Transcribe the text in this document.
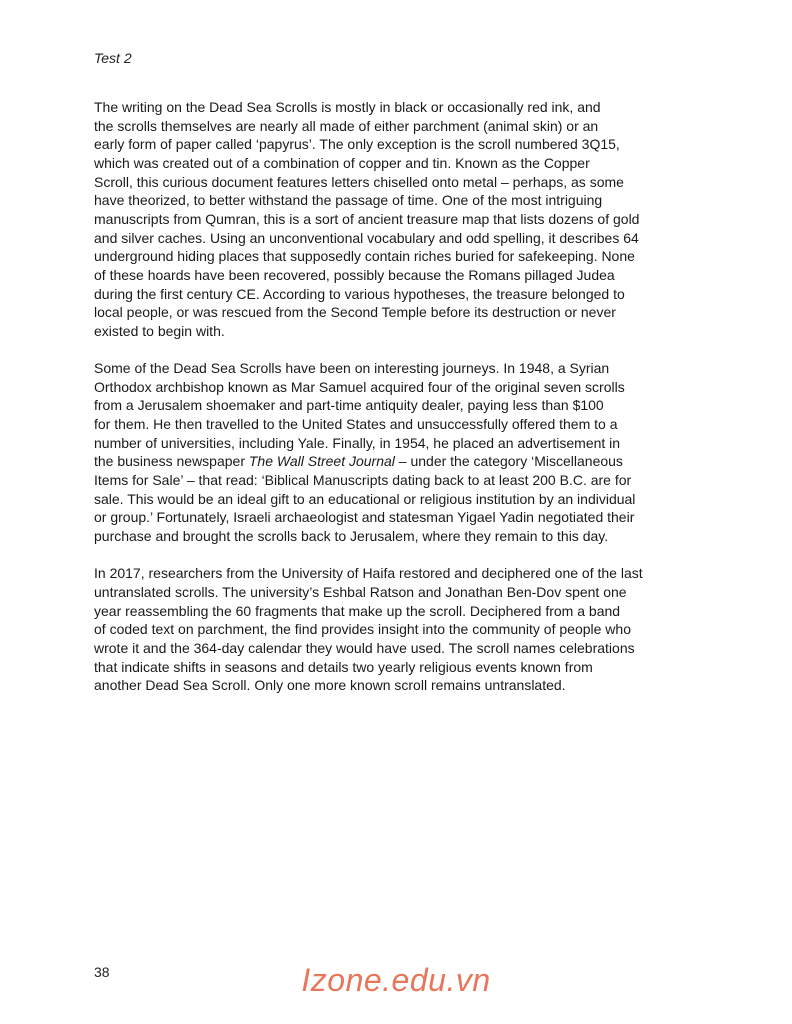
Test 2

The writing on the Dead Sea Scrolls is mostly in black or occasionally red ink, and
the scrolls themselves are nearly all made of either parchment (animal skin) or an
early form of paper called ‘papyrus’. The only exception is the scroll numbered 3Q15,
which was created out of a combination of copper and tin. Known as the Copper
Scroll, this curious document features letters chiselled onto metal – perhaps, as some
have theorized, to better withstand the passage of time. One of the most intriguing
manuscripts from Qumran, this is a sort of ancient treasure map that lists dozens of gold
and silver caches. Using an unconventional vocabulary and odd spelling, it describes 64
underground hiding places that supposedly contain riches buried for safekeeping. None
of these hoards have been recovered, possibly because the Romans pillaged Judea
during the first century CE. According to various hypotheses, the treasure belonged to
local people, or was rescued from the Second Temple before its destruction or never
existed to begin with.

Some of the Dead Sea Scrolls have been on interesting journeys. In 1948, a Syrian
Orthodox archbishop known as Mar Samuel acquired four of the original seven scrolls
from a Jerusalem shoemaker and part-time antiquity dealer, paying less than $100
for them. He then travelled to the United States and unsuccessfully offered them to a
number of universities, including Yale. Finally, in 1954, he placed an advertisement in
the business newspaper The Wall Street Journal – under the category ‘Miscellaneous
Items for Sale’ – that read: ‘Biblical Manuscripts dating back to at least 200 B.C. are for
sale. This would be an ideal gift to an educational or religious institution by an individual
or group.’ Fortunately, Israeli archaeologist and statesman Yigael Yadin negotiated their
purchase and brought the scrolls back to Jerusalem, where they remain to this day.

In 2017, researchers from the University of Haifa restored and deciphered one of the last
untranslated scrolls. The university’s Eshbal Ratson and Jonathan Ben-Dov spent one
year reassembling the 60 fragments that make up the scroll. Deciphered from a band
of coded text on parchment, the find provides insight into the community of people who
wrote it and the 364-day calendar they would have used. The scroll names celebrations
that indicate shifts in seasons and details two yearly religious events known from
another Dead Sea Scroll. Only one more known scroll remains untranslated.

38	Izone.edu.vn
